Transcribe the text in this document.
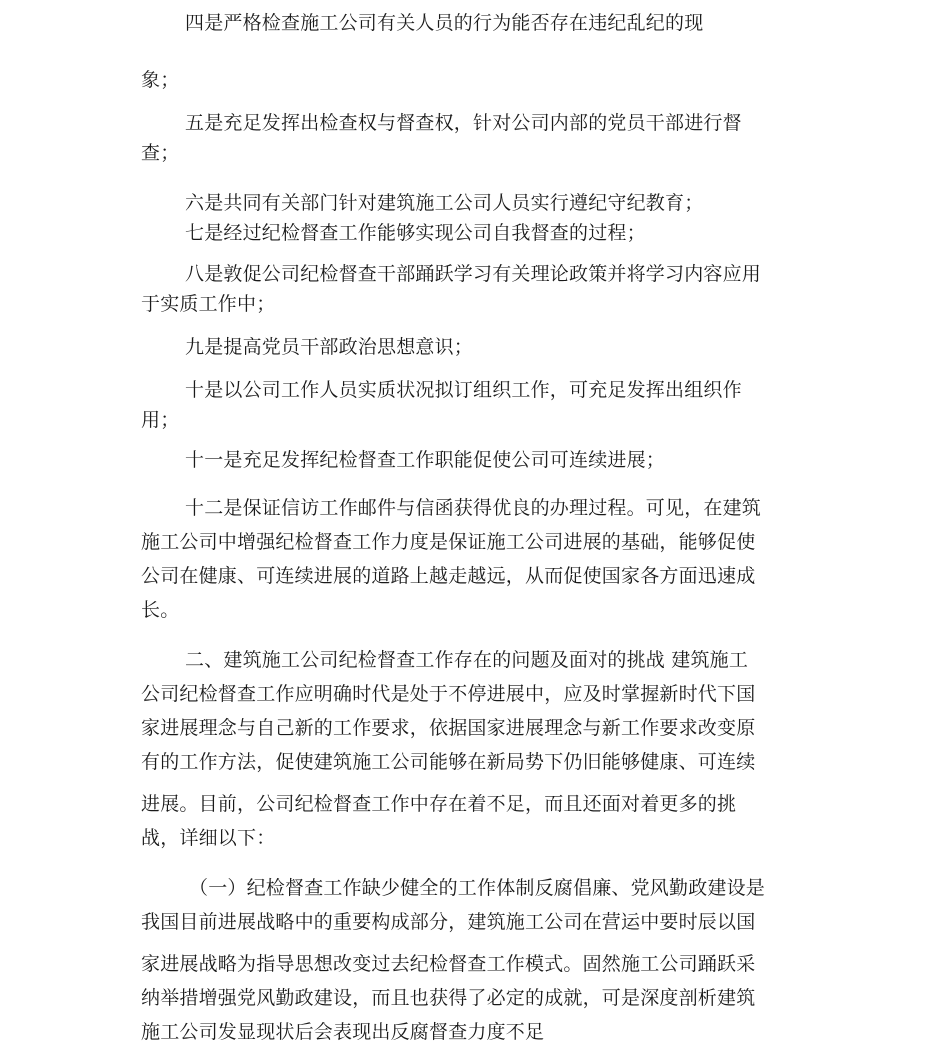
四是严格检查施工公司有关人员的行为能否存在违纪乱纪的现
象；
五是充足发挥出检查权与督查权，针对公司内部的党员干部进行督
查；
六是共同有关部门针对建筑施工公司人员实行遵纪守纪教育；
七是经过纪检督查工作能够实现公司自我督查的过程；
八是敦促公司纪检督查干部踊跃学习有关理论政策并将学习内容应用
于实质工作中；
九是提高党员干部政治思想意识；
十是以公司工作人员实质状况拟订组织工作，可充足发挥出组织作
用；
十一是充足发挥纪检督查工作职能促使公司可连续进展；
十二是保证信访工作邮件与信函获得优良的办理过程。可见，在建筑
施工公司中增强纪检督查工作力度是保证施工公司进展的基础，能够促使
公司在健康、可连续进展的道路上越走越远，从而促使国家各方面迅速成
长。
二、建筑施工公司纪检督查工作存在的问题及面对的挑战 建筑施工
公司纪检督查工作应明确时代是处于不停进展中，应及时掌握新时代下国
家进展理念与自己新的工作要求，依据国家进展理念与新工作要求改变原
有的工作方法，促使建筑施工公司能够在新局势下仍旧能够健康、可连续
进展。目前，公司纪检督查工作中存在着不足，而且还面对着更多的挑
战，详细以下：
（一）纪检督查工作缺少健全的工作体制反腐倡廉、党风勤政建设是
我国目前进展战略中的重要构成部分，建筑施工公司在营运中要时辰以国
家进展战略为指导思想改变过去纪检督查工作模式。固然施工公司踊跃采
纳举措增强党风勤政建设，而且也获得了必定的成就，可是深度剖析建筑
施工公司发显现状后会表现出反腐督查力度不足
